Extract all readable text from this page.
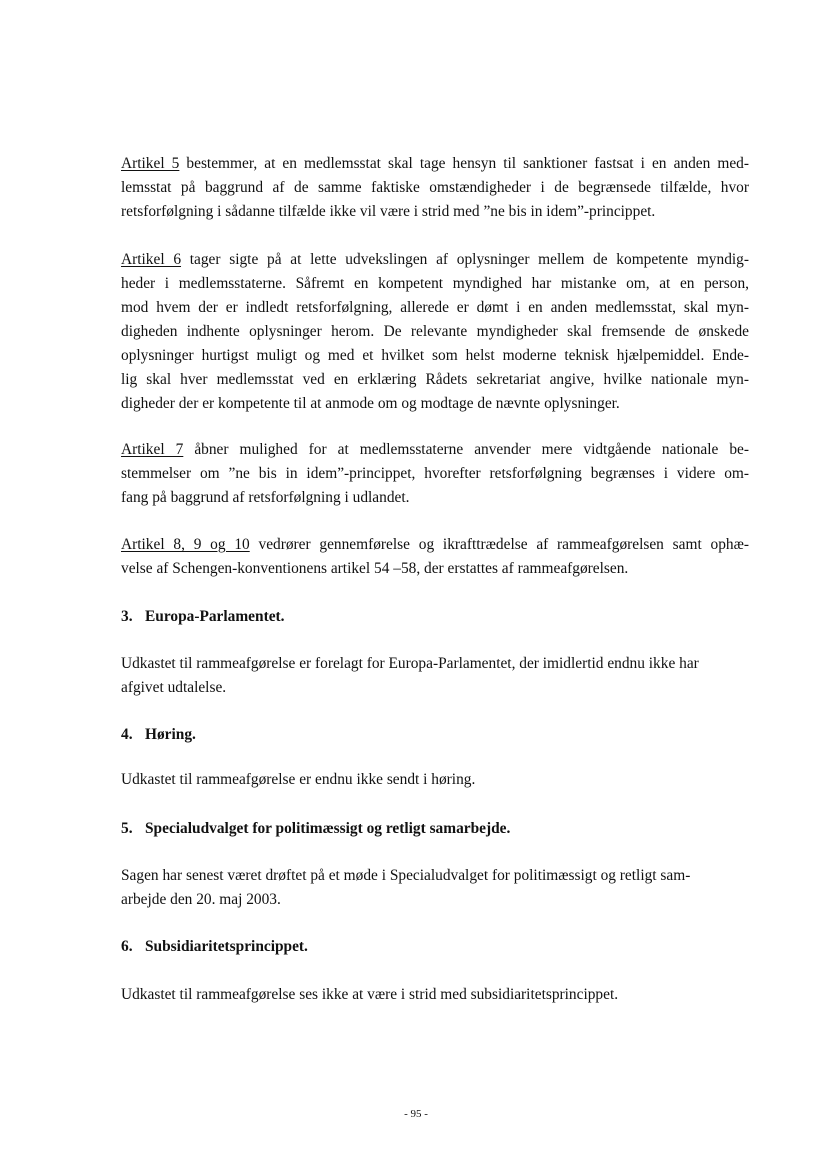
Artikel 5 bestemmer, at en medlemsstat skal tage hensyn til sanktioner fastsat i en anden med-
lemsstat på baggrund af de samme faktiske omstændigheder i de begrænsede tilfælde, hvor
retsforfølgning i sådanne tilfælde ikke vil være i strid med ”ne bis in idem”-princippet.
Artikel 6 tager sigte på at lette udvekslingen af oplysninger mellem de kompetente myndig-
heder i medlemsstaterne. Såfremt en kompetent myndighed har mistanke om, at en person,
mod hvem der er indledt retsforfølgning, allerede er dømt i en anden medlemsstat, skal myn-
digheden indhente oplysninger herom. De relevante myndigheder skal fremsende de ønskede
oplysninger hurtigst muligt og med et hvilket som helst moderne teknisk hjælpemiddel. Ende-
lig skal hver medlemsstat ved en erklæring Rådets sekretariat angive, hvilke nationale myn-
digheder der er kompetente til at anmode om og modtage de nævnte oplysninger.
Artikel 7 åbner mulighed for at medlemsstaterne anvender mere vidtgående nationale be-
stemmelser om ”ne bis in idem”-princippet, hvorefter retsforfølgning begrænses i videre om-
fang på baggrund af retsforfølgning i udlandet.
Artikel 8, 9 og 10 vedrører gennemførelse og ikrafttrædelse af rammeafgørelsen samt ophæ-
velse af Schengen-konventionens artikel 54 –58, der erstattes af rammeafgørelsen.
3. Europa-Parlamentet.
Udkastet til rammeafgørelse er forelagt for Europa-Parlamentet, der imidlertid endnu ikke har
afgivet udtalelse.
4. Høring.
Udkastet til rammeafgørelse er endnu ikke sendt i høring.
5. Specialudvalget for politimæssigt og retligt samarbejde.
Sagen har senest været drøftet på et møde i Specialudvalget for politimæssigt og retligt sam-
arbejde den 20. maj 2003.
6. Subsidiaritetsprincippet.
Udkastet til rammeafgørelse ses ikke at være i strid med subsidiaritetsprincippet.
- 95 -
